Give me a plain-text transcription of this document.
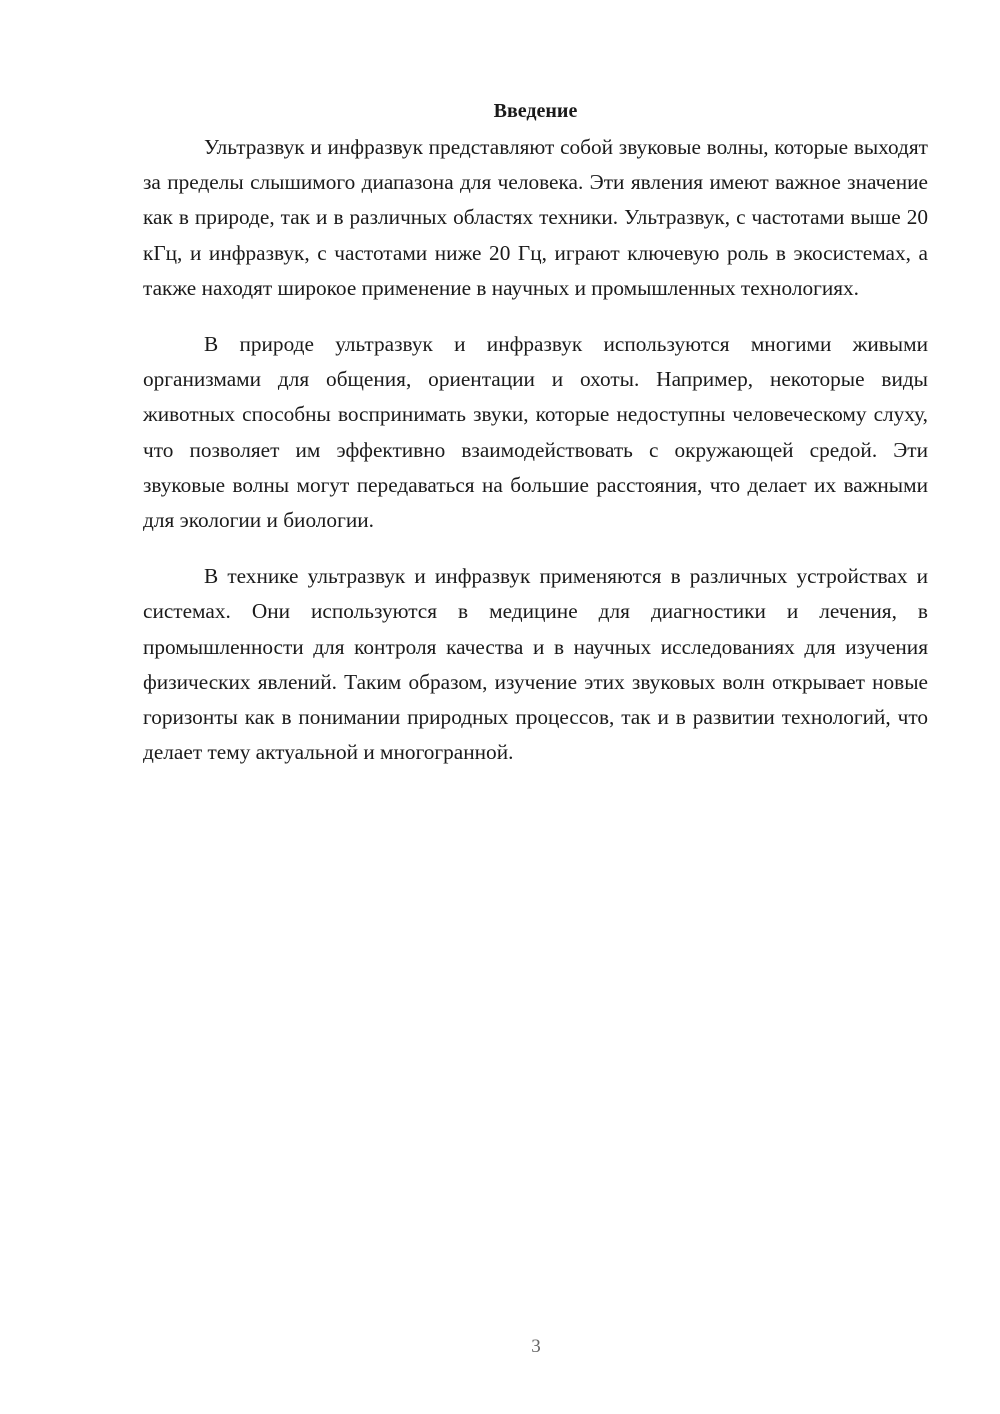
Введение

Ультразвук и инфразвук представляют собой звуковые волны, которые выходят за пределы слышимого диапазона для человека. Эти явления имеют важное значение как в природе, так и в различных областях техники. Ультразвук, с частотами выше 20 кГц, и инфразвук, с частотами ниже 20 Гц, играют ключевую роль в экосистемах, а также находят широкое применение в научных и промышленных технологиях.

В природе ультразвук и инфразвук используются многими живыми организмами для общения, ориентации и охоты. Например, некоторые виды животных способны воспринимать звуки, которые недоступны человеческому слуху, что позволяет им эффективно взаимодействовать с окружающей средой. Эти звуковые волны могут передаваться на большие расстояния, что делает их важными для экологии и биологии.

В технике ультразвук и инфразвук применяются в различных устройствах и системах. Они используются в медицине для диагностики и лечения, в промышленности для контроля качества и в научных исследованиях для изучения физических явлений. Таким образом, изучение этих звуковых волн открывает новые горизонты как в понимании природных процессов, так и в развитии технологий, что делает тему актуальной и многогранной.

3
